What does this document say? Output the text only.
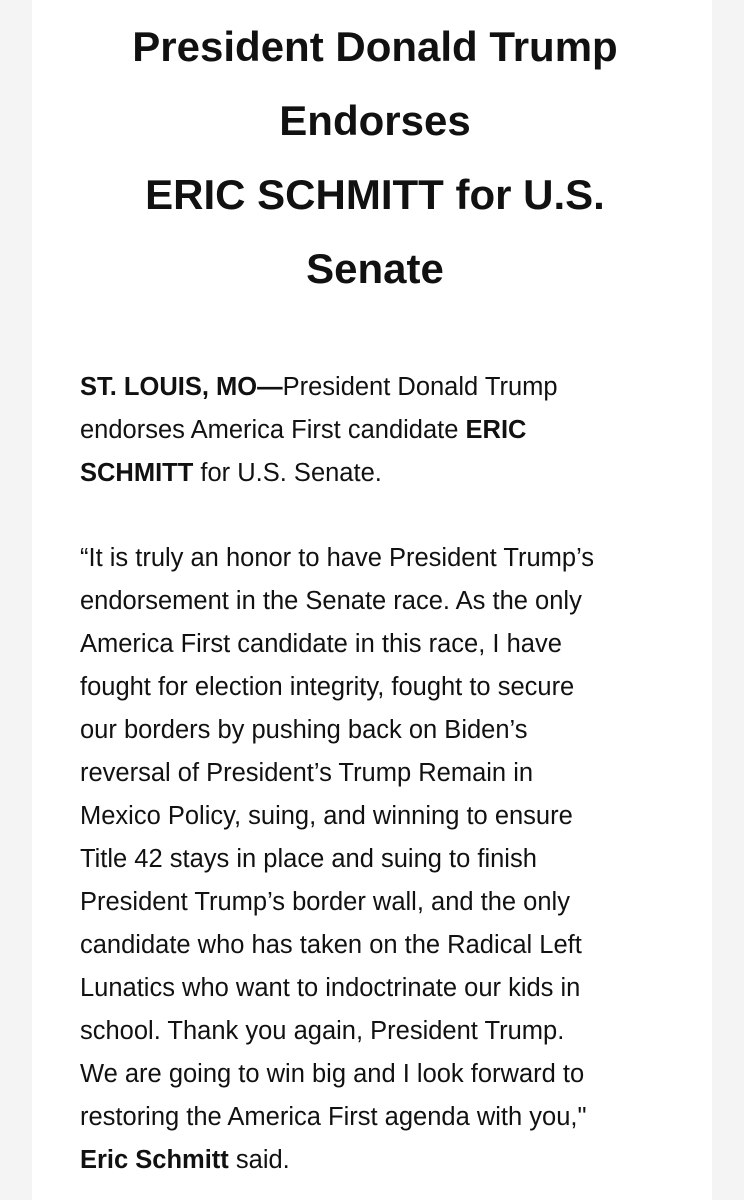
President Donald Trump
Endorses
ERIC SCHMITT for U.S.
Senate

ST. LOUIS, MO—President Donald Trump
endorses America First candidate ERIC
SCHMITT for U.S. Senate.

“It is truly an honor to have President Trump’s
endorsement in the Senate race. As the only
America First candidate in this race, I have
fought for election integrity, fought to secure
our borders by pushing back on Biden’s
reversal of President’s Trump Remain in
Mexico Policy, suing, and winning to ensure
Title 42 stays in place and suing to finish
President Trump’s border wall, and the only
candidate who has taken on the Radical Left
Lunatics who want to indoctrinate our kids in
school. Thank you again, President Trump.
We are going to win big and I look forward to
restoring the America First agenda with you,"
Eric Schmitt said.
